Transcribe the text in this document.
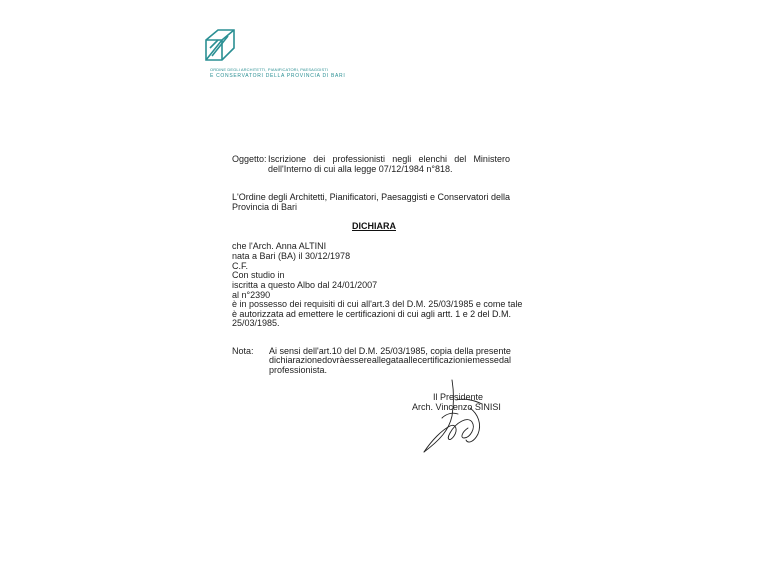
ORDINE DEGLI ARCHITETTI, PIANIFICATORI, PAESAGGISTI
E CONSERVATORI DELLA PROVINCIA DI BARI
Oggetto: Iscrizione dei professionisti negli elenchi del Ministero
dell'Interno di cui alla legge 07/12/1984 n°818.
L'Ordine degli Architetti, Pianificatori, Paesaggisti e Conservatori della
Provincia di Bari
DICHIARA
che l'Arch. Anna ALTINI
nata a Bari (BA) il 30/12/1978
C.F.
Con studio in
iscritta a questo Albo dal 24/01/2007
al n°2390
è in possesso dei requisiti di cui all'art.3 del D.M. 25/03/1985 e come tale
è autorizzata ad emettere le certificazioni di cui agli artt. 1 e 2 del D.M.
25/03/1985.
Nota: Ai sensi dell'art.10 del D.M. 25/03/1985, copia della presente
dichiarazione dovrà essere allegata alle certificazioni emesse dal
professionista.
Il Presidente
Arch. Vincenzo SINISI
